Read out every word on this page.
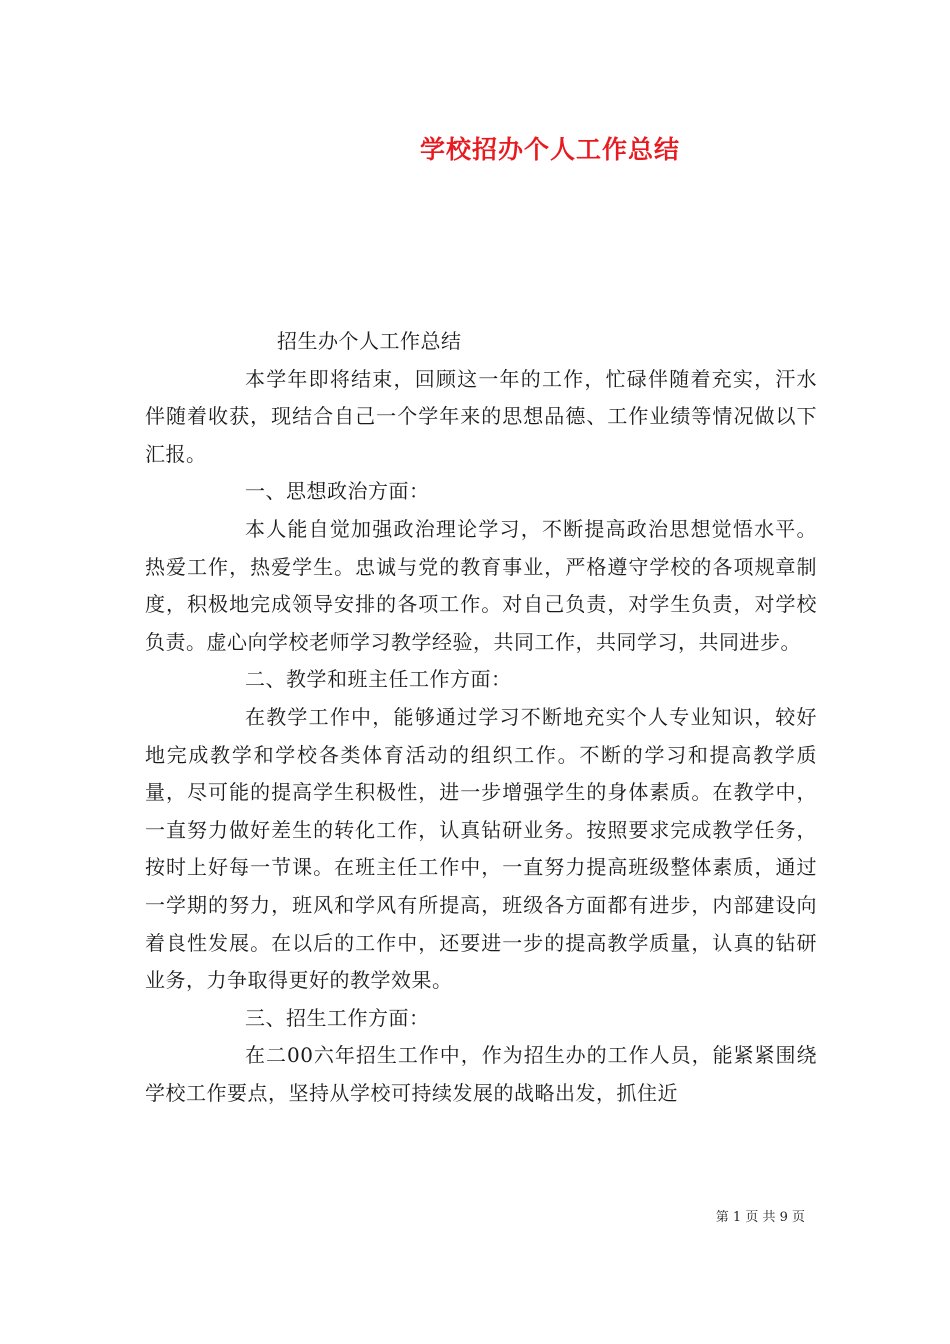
学校招办个人工作总结

招生办个人工作总结

本学年即将结束，回顾这一年的工作，忙碌伴随着充实，汗水伴随着收获，现结合自己一个学年来的思想品德、工作业绩等情况做以下汇报。

一、思想政治方面：

本人能自觉加强政治理论学习，不断提高政治思想觉悟水平。热爱工作，热爱学生。忠诚与党的教育事业，严格遵守学校的各项规章制度，积极地完成领导安排的各项工作。对自己负责，对学生负责，对学校负责。虚心向学校老师学习教学经验，共同工作，共同学习，共同进步。

二、教学和班主任工作方面：

在教学工作中，能够通过学习不断地充实个人专业知识，较好地完成教学和学校各类体育活动的组织工作。不断的学习和提高教学质量，尽可能的提高学生积极性，进一步增强学生的身体素质。在教学中，一直努力做好差生的转化工作，认真钻研业务。按照要求完成教学任务，按时上好每一节课。在班主任工作中，一直努力提高班级整体素质，通过一学期的努力，班风和学风有所提高，班级各方面都有进步，内部建设向着良性发展。在以后的工作中，还要进一步的提高教学质量，认真的钻研业务，力争取得更好的教学效果。

三、招生工作方面：

在二00六年招生工作中，作为招生办的工作人员，能紧紧围绕学校工作要点，坚持从学校可持续发展的战略出发，抓住近

第 1 页 共 9 页
